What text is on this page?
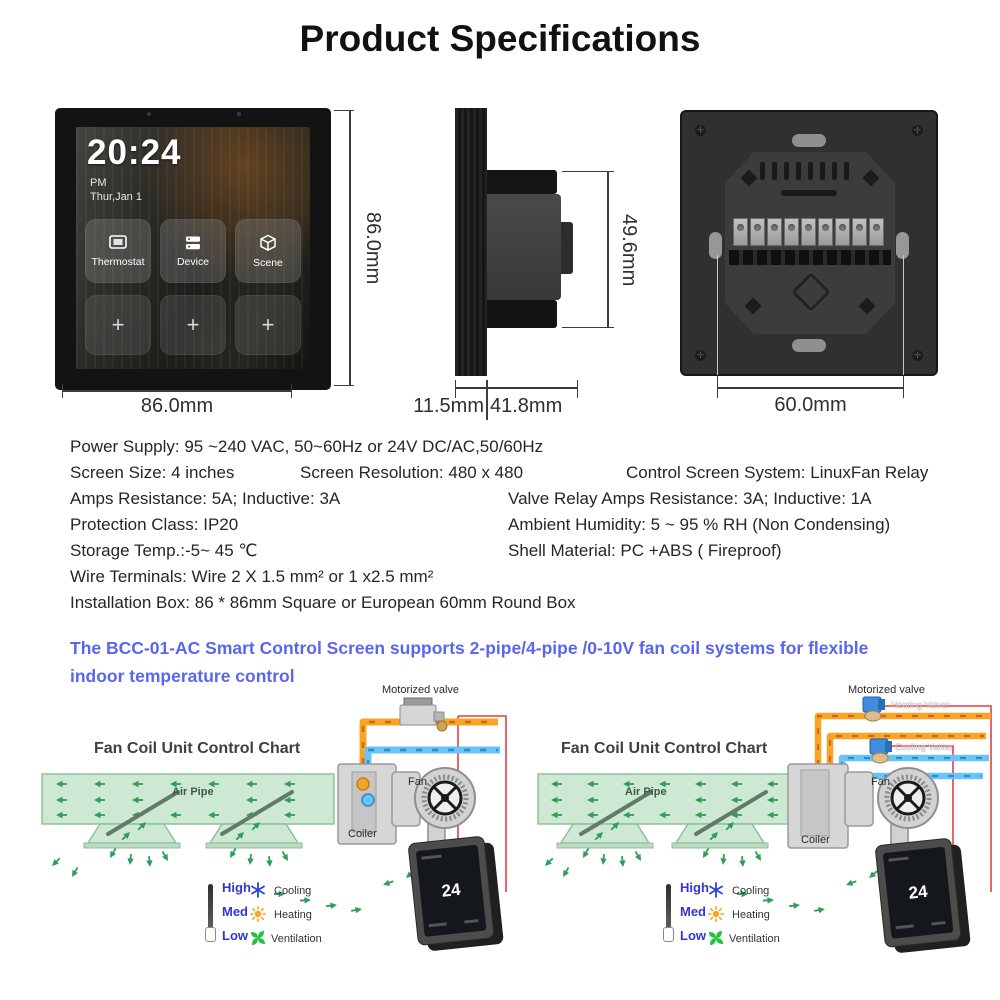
Product Specifications
20:24
PM
Thur,Jan 1
Thermostat	Device	Scene
+	+	+
86.0mm
86.0mm
49.6mm
11.5mm 41.8mm
✛	✛
✛	✛
60.0mm
Power Supply: 95 ~240 VAC, 50~60Hz or 24V DC/AC,50/60Hz
Screen Size: 4 inches	Screen Resolution: 480 x 480	Control Screen System: LinuxFan Relay
Amps Resistance: 5A; Inductive: 3A	Valve Relay Amps Resistance: 3A; Inductive: 1A
Protection Class: IP20	Ambient Humidity: 5 ~ 95 % RH (Non Condensing)
Storage Temp.:-5~ 45 ℃	Shell Material: PC +ABS ( Fireproof)
Wire Terminals: Wire 2 X 1.5 mm² or 1 x2.5 mm²
Installation Box: 86 * 86mm Square or European 60mm Round Box
The BCC-01-AC Smart Control Screen supports 2-pipe/4-pipe /0-10V fan coil systems for flexible
indoor temperature control
24
Fan Coil Unit Control Chart
Motorized valve
Air Pipe
Coiler
Fan
High
Med
Low
Cooling
Heating
Ventilation
24
Fan Coil Unit Control Chart
Motorized valve
Heating Valver
Cooling Valver
Air Pipe
Coiler
Fan
High
Med
Low
Cooling
Heating
Ventilation
